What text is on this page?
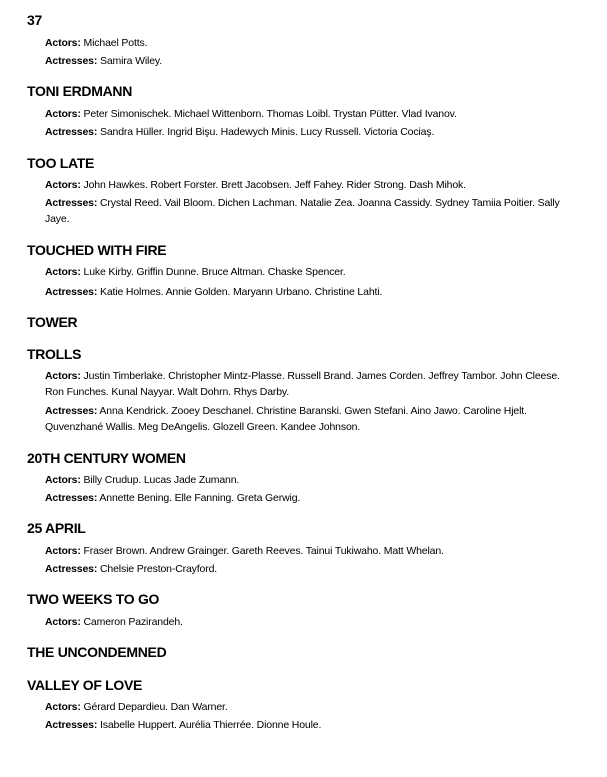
37
Actors: Michael Potts.
Actresses: Samira Wiley.
TONI ERDMANN
Actors: Peter Simonischek. Michael Wittenborn. Thomas Loibl. Trystan Pütter. Vlad Ivanov.
Actresses: Sandra Hüller. Ingrid Bişu. Hadewych Minis. Lucy Russell. Victoria Cociaş.
TOO LATE
Actors: John Hawkes. Robert Forster. Brett Jacobsen. Jeff Fahey. Rider Strong. Dash Mihok.
Actresses: Crystal Reed. Vail Bloom. Dichen Lachman. Natalie Zea. Joanna Cassidy. Sydney Tamiia Poitier. Sally Jaye.
TOUCHED WITH FIRE
Actors: Luke Kirby. Griffin Dunne. Bruce Altman. Chaske Spencer.
Actresses: Katie Holmes. Annie Golden. Maryann Urbano. Christine Lahti.
TOWER
TROLLS
Actors: Justin Timberlake. Christopher Mintz-Plasse. Russell Brand. James Corden. Jeffrey Tambor. John Cleese. Ron Funches. Kunal Nayyar. Walt Dohrn. Rhys Darby.
Actresses: Anna Kendrick. Zooey Deschanel. Christine Baranski. Gwen Stefani. Aino Jawo. Caroline Hjelt. Quvenzhané Wallis. Meg DeAngelis. Glozell Green. Kandee Johnson.
20TH CENTURY WOMEN
Actors: Billy Crudup. Lucas Jade Zumann.
Actresses: Annette Bening. Elle Fanning. Greta Gerwig.
25 APRIL
Actors: Fraser Brown. Andrew Grainger. Gareth Reeves. Tainui Tukiwaho. Matt Whelan.
Actresses: Chelsie Preston-Crayford.
TWO WEEKS TO GO
Actors: Cameron Pazirandeh.
THE UNCONDEMNED
VALLEY OF LOVE
Actors: Gérard Depardieu. Dan Warner.
Actresses: Isabelle Huppert. Aurélia Thierrée. Dionne Houle.
